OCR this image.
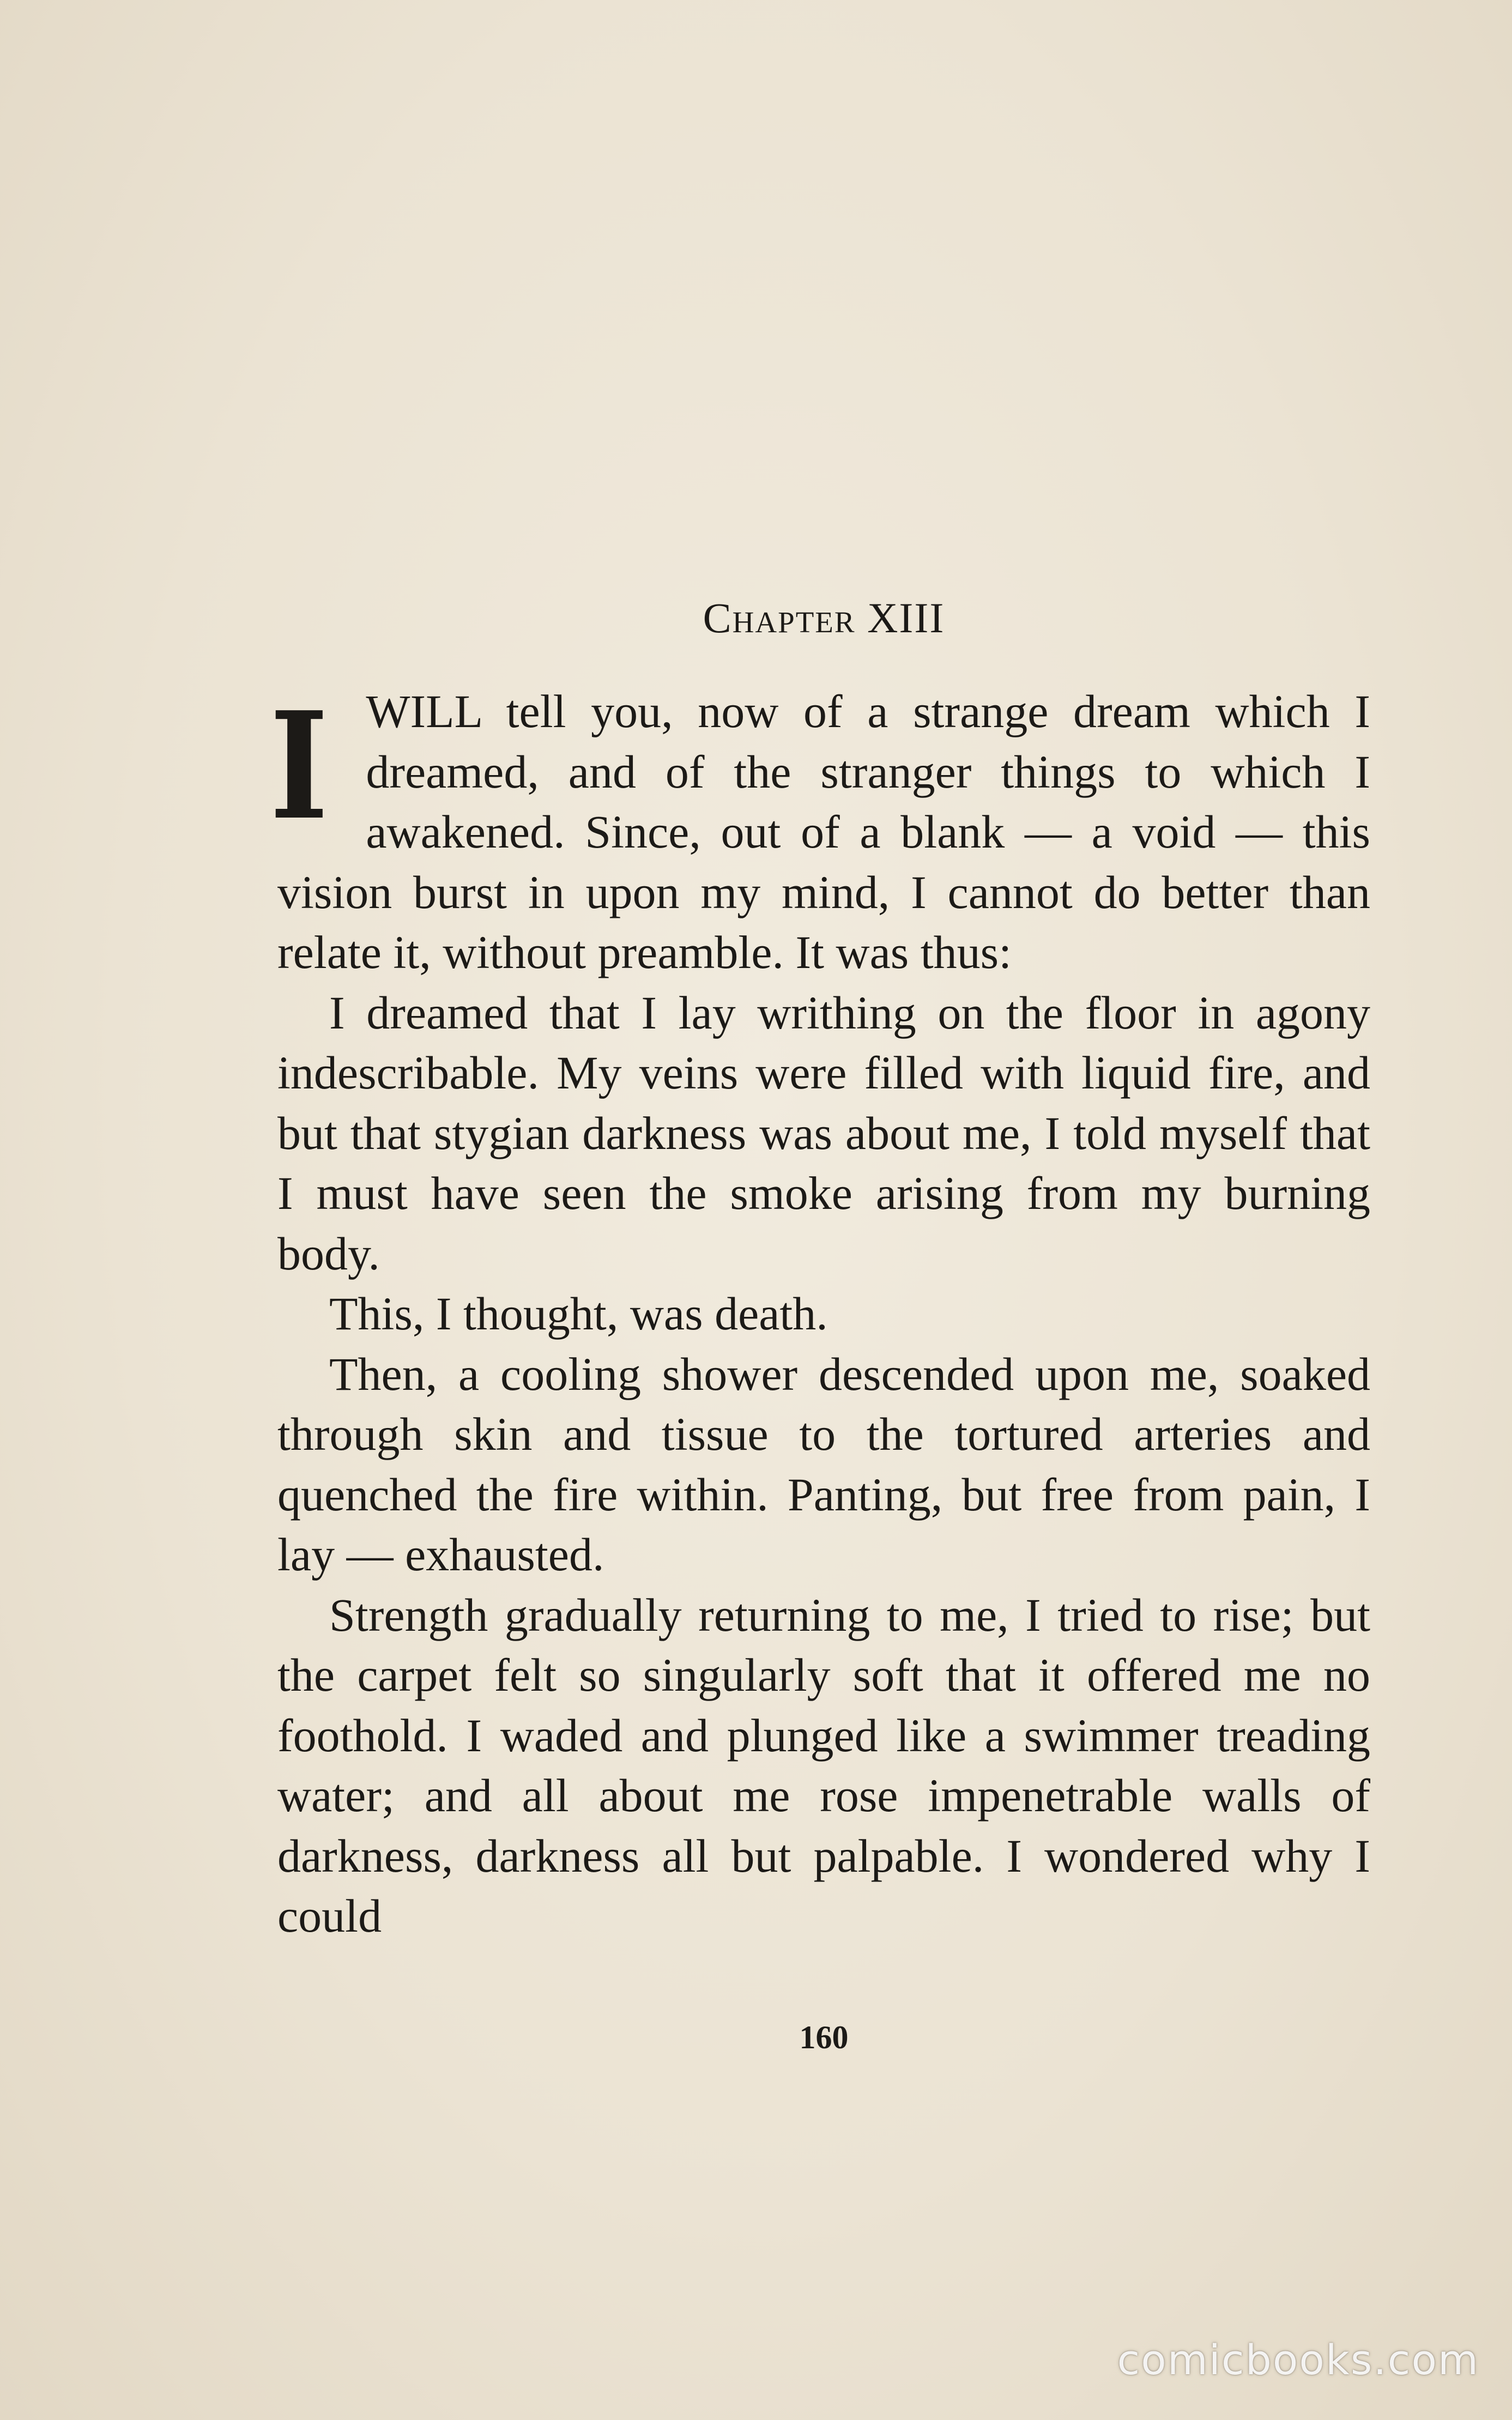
Chapter XIII

I WILL tell you, now of a strange dream which I dreamed, and of the stranger things to which I awakened. Since, out of a blank — a void — this vision burst in upon my mind, I cannot do better than relate it, without preamble. It was thus:

I dreamed that I lay writhing on the floor in agony indescribable. My veins were filled with liquid fire, and but that stygian darkness was about me, I told myself that I must have seen the smoke arising from my burning body.

This, I thought, was death.

Then, a cooling shower descended upon me, soaked through skin and tissue to the tortured arteries and quenched the fire within. Panting, but free from pain, I lay — exhausted.

Strength gradually returning to me, I tried to rise; but the carpet felt so singularly soft that it offered me no foothold. I waded and plunged like a swimmer treading water; and all about me rose impenetrable walls of darkness, darkness all but palpable. I wondered why I could

160
comicbooks.com
